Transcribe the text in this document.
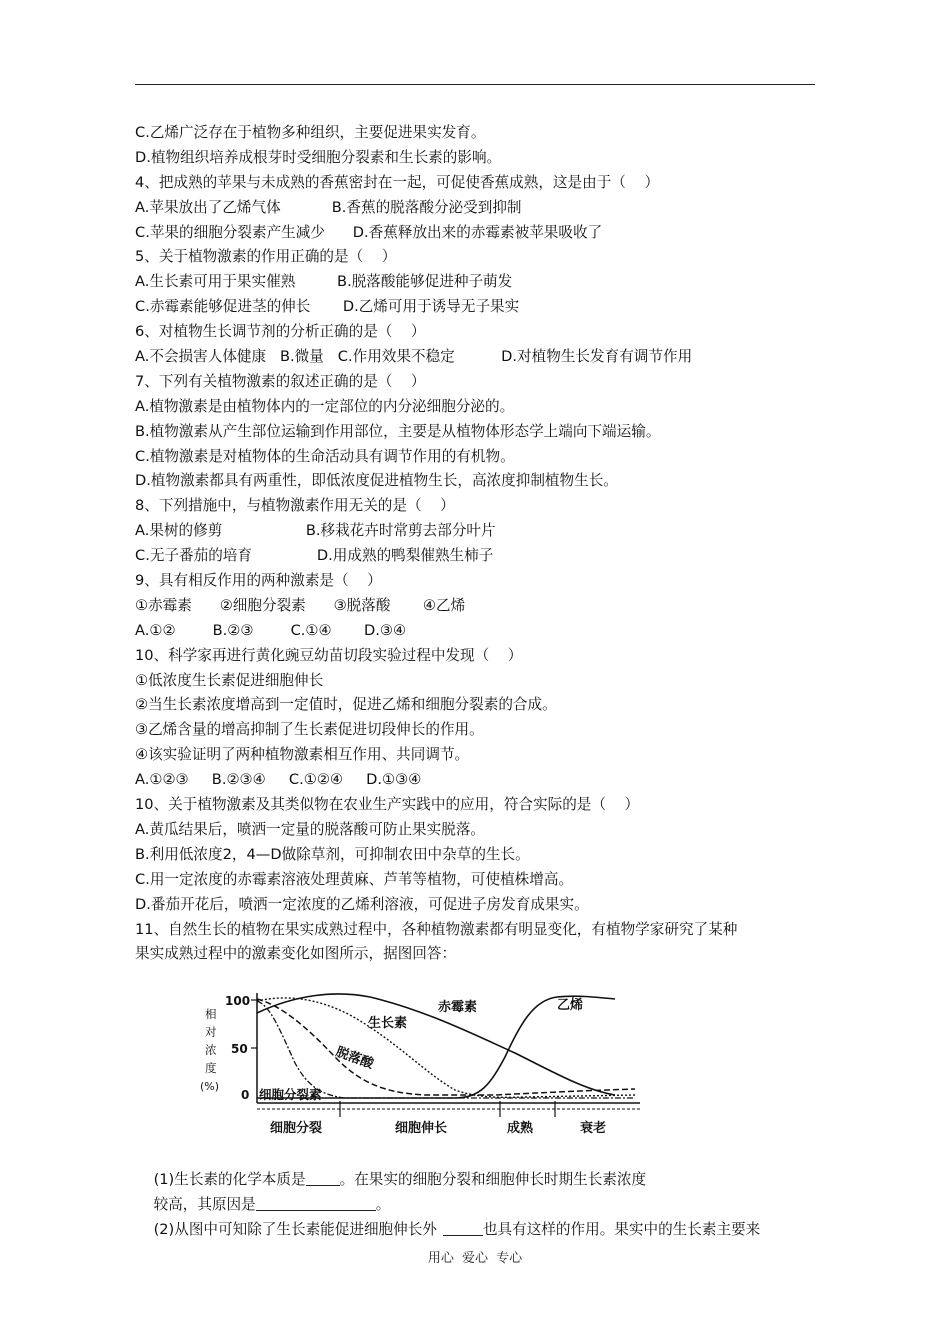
C.乙烯广泛存在于植物多种组织，主要促进果实发育。
D.植物组织培养成根芽时受细胞分裂素和生长素的影响。
4、把成熟的苹果与未成熟的香蕉密封在一起，可促使香蕉成熟，这是由于（    ）
A.苹果放出了乙烯气体           B.香蕉的脱落酸分泌受到抑制
C.苹果的细胞分裂素产生减少      D.香蕉释放出来的赤霉素被苹果吸收了
5、关于植物激素的作用正确的是（    ）
A.生长素可用于果实催熟         B.脱落酸能够促进种子萌发
C.赤霉素能够促进茎的伸长       D.乙烯可用于诱导无子果实
6、对植物生长调节剂的分析正确的是（    ）
A.不会损害人体健康   B.微量   C.作用效果不稳定          D.对植物生长发育有调节作用
7、下列有关植物激素的叙述正确的是（    ）
A.植物激素是由植物体内的一定部位的内分泌细胞分泌的。
B.植物激素从产生部位运输到作用部位，主要是从植物体形态学上端向下端运输。
C.植物激素是对植物体的生命活动具有调节作用的有机物。
D.植物激素都具有两重性，即低浓度促进植物生长，高浓度抑制植物生长。
8、下列措施中，与植物激素作用无关的是（    ）
A.果树的修剪                  B.移栽花卉时常剪去部分叶片
C.无子番茄的培育              D.用成熟的鸭梨催熟生柿子
9、具有相反作用的两种激素是（    ）
①赤霉素      ②细胞分裂素      ③脱落酸       ④乙烯
A.①②        B.②③        C.①④       D.③④
10、科学家再进行黄化豌豆幼苗切段实验过程中发现（    ）
①低浓度生长素促进细胞伸长
②当生长素浓度增高到一定值时，促进乙烯和细胞分裂素的合成。
③乙烯含量的增高抑制了生长素促进切段伸长的作用。
④该实验证明了两种植物激素相互作用、共同调节。
A.①②③     B.②③④     C.①②④     D.①③④
10、关于植物激素及其类似物在农业生产实践中的应用，符合实际的是（    ）
A.黄瓜结果后，喷洒一定量的脱落酸可防止果实脱落。
B.利用低浓度2，4—D做除草剂，可抑制农田中杂草的生长。
C.用一定浓度的赤霉素溶液处理黄麻、芦苇等植物，可使植株增高。
D.番茄开花后，喷洒一定浓度的乙烯利溶液，可促进子房发育成果实。
11、自然生长的植物在果实成熟过程中，各种植物激素都有明显变化，有植物学家研究了某种
果实成熟过程中的激素变化如图所示，据图回答：
相
对
浓
度
(%)
100
50
0
赤霉素	乙烯
生长素
脱落酸
细胞分裂素
细胞分裂	细胞伸长	成熟	衰老

(1)生长素的化学本质是 。在果实的细胞分裂和细胞伸长时期生长素浓度

较高，其原因是	。

(2)从图中可知除了生长素能促进细胞伸长外	也具有这样的作用。果实中的生长素主要来

用心 爱心 专心
